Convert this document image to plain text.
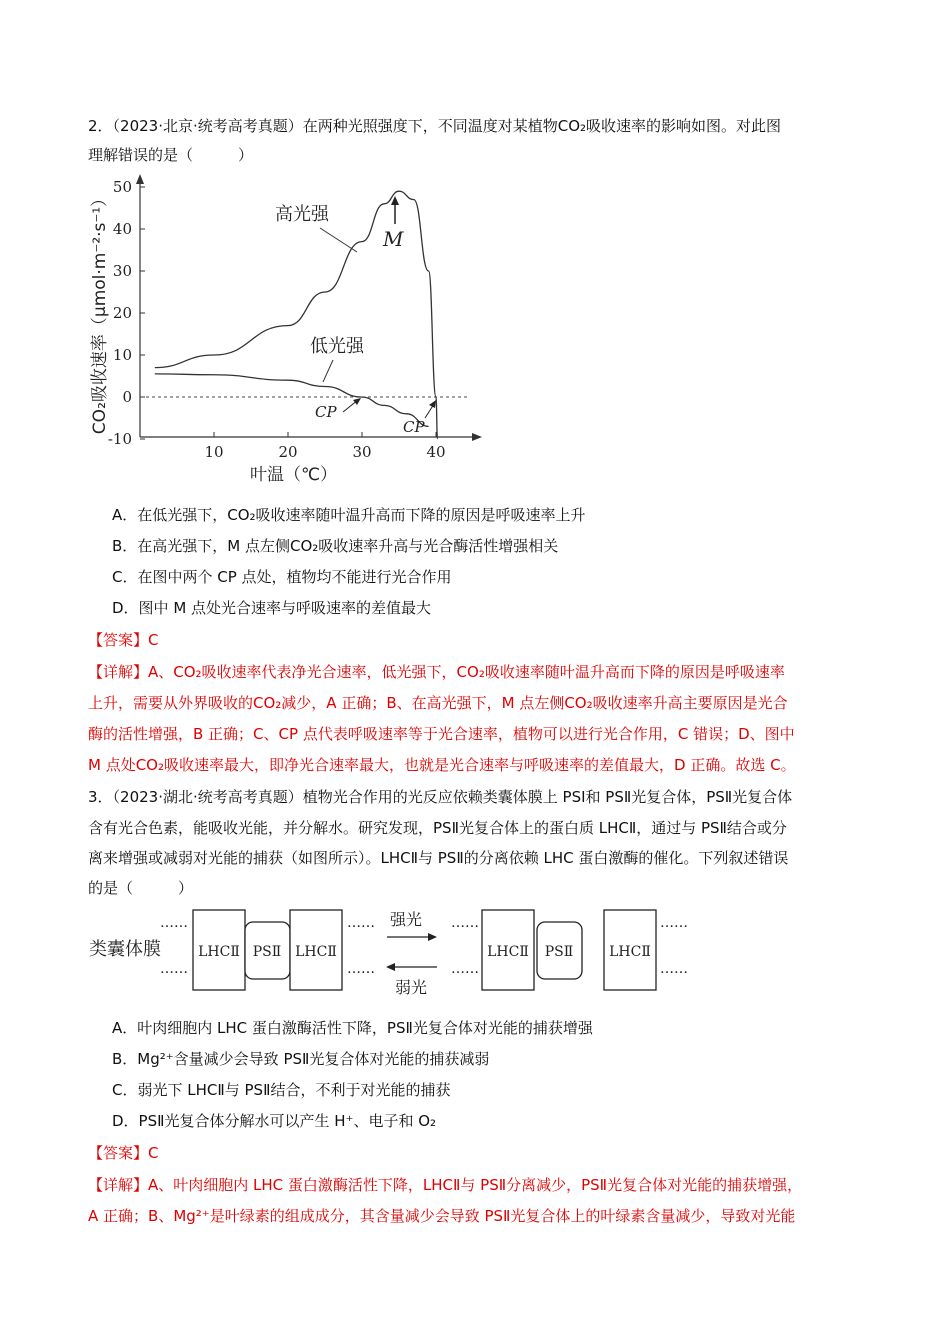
2．（2023·北京·统考高考真题）在两种光照强度下，不同温度对某植物CO₂吸收速率的影响如图。对此图
理解错误的是（　　　）
-10
0
10
20
30
40
50
10	20	30	40
高光强
低光强
M
CP
CP
CO₂吸收速率（μmol·m⁻²·s⁻¹）
叶温（℃）
A．在低光强下，CO₂吸收速率随叶温升高而下降的原因是呼吸速率上升
B．在高光强下，M 点左侧CO₂吸收速率升高与光合酶活性增强相关
C．在图中两个 CP 点处，植物均不能进行光合作用
D．图中 M 点处光合速率与呼吸速率的差值最大
【答案】C
【详解】A、CO₂吸收速率代表净光合速率，低光强下，CO₂吸收速率随叶温升高而下降的原因是呼吸速率
上升，需要从外界吸收的CO₂减少，A 正确；B、在高光强下，M 点左侧CO₂吸收速率升高主要原因是光合
酶的活性增强，B 正确；C、CP 点代表呼吸速率等于光合速率，植物可以进行光合作用，C 错误；D、图中
M 点处CO₂吸收速率最大，即净光合速率最大，也就是光合速率与呼吸速率的差值最大，D 正确。故选 C。
3．（2023·湖北·统考高考真题）植物光合作用的光反应依赖类囊体膜上 PSⅠ和 PSⅡ光复合体，PSⅡ光复合体
含有光合色素，能吸收光能，并分解水。研究发现，PSⅡ光复合体上的蛋白质 LHCⅡ，通过与 PSⅡ结合或分
离来增强或减弱对光能的捕获（如图所示）。LHCⅡ与 PSⅡ的分离依赖 LHC 蛋白激酶的催化。下列叙述错误
的是（　　　）
类囊体膜
……
……
LHCⅡ PSⅡ LHCⅡ
……
……
强光
弱光
……
……
LHCⅡ PSⅡ	LHCⅡ
……
……
A．叶肉细胞内 LHC 蛋白激酶活性下降，PSⅡ光复合体对光能的捕获增强
B．Mg²⁺含量减少会导致 PSⅡ光复合体对光能的捕获减弱
C．弱光下 LHCⅡ与 PSⅡ结合，不利于对光能的捕获
D．PSⅡ光复合体分解水可以产生 H⁺、电子和 O₂
【答案】C
【详解】A、叶肉细胞内 LHC 蛋白激酶活性下降，LHCⅡ与 PSⅡ分离减少，PSⅡ光复合体对光能的捕获增强，
A 正确；B、Mg²⁺是叶绿素的组成成分，其含量减少会导致 PSⅡ光复合体上的叶绿素含量减少，导致对光能
